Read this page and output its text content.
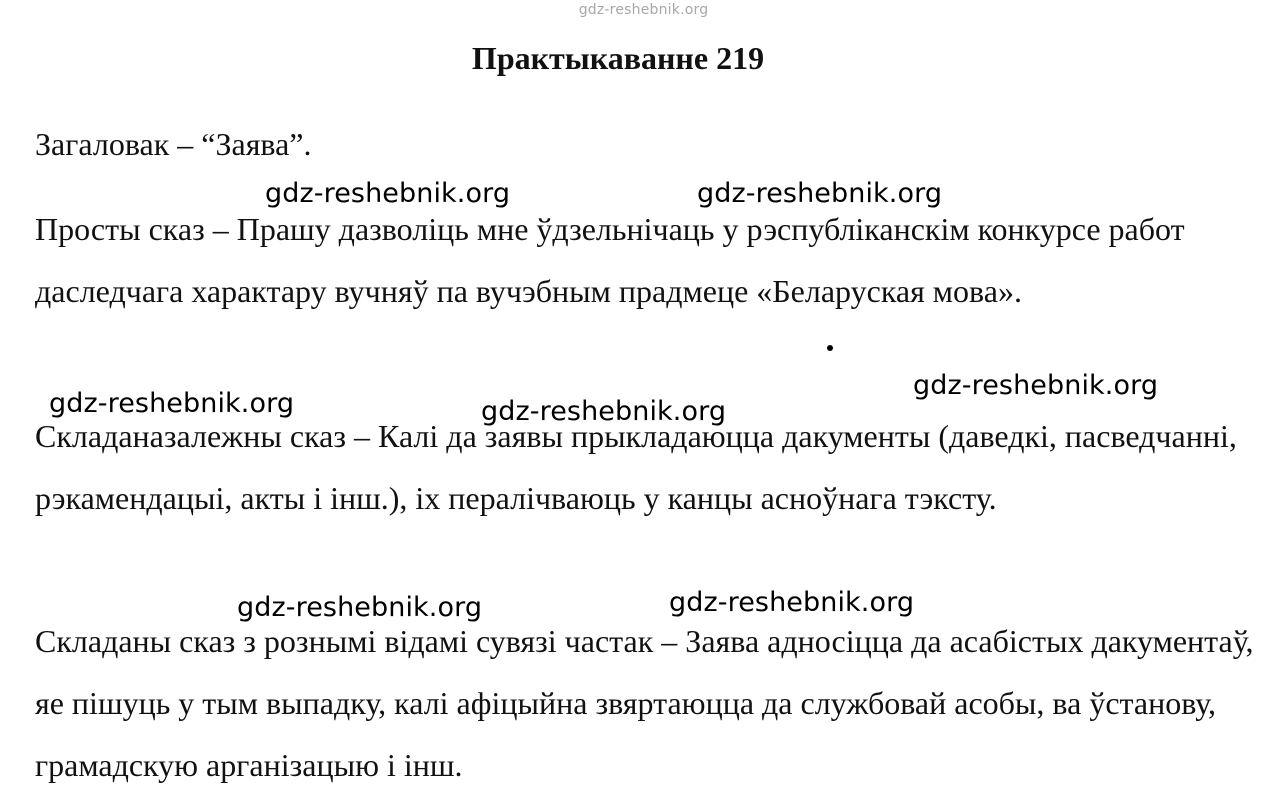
gdz-reshebnik.org
Практыкаванне 219

Загаловак – “Заява”.

Просты сказ – Прашу дазволіць мне ўдзельнічаць у рэспубліканскім конкурсе работ даследчага характару вучняў па вучэбным прадмеце «Беларуская мова».

Складаназалежны сказ – Калі да заявы прыкладаюцца дакументы (даведкі, пасведчанні, рэкамендацыі, акты і інш.), іх пералічваюць у канцы асноўнага тэксту.

Складаны сказ з рознымі відамі сувязі частак – Заява адносіцца да асабістых дакументаў, яе пішуць у тым выпадку, калі афіцыйна звяртаюцца да службовай асобы, ва ўстанову, грамадскую арганізацыю і інш.

gdz-reshebnik.org	gdz-reshebnik.org
gdz-reshebnik.org
gdz-reshebnik.org	gdz-reshebnik.org
gdz-reshebnik.org	gdz-reshebnik.org
